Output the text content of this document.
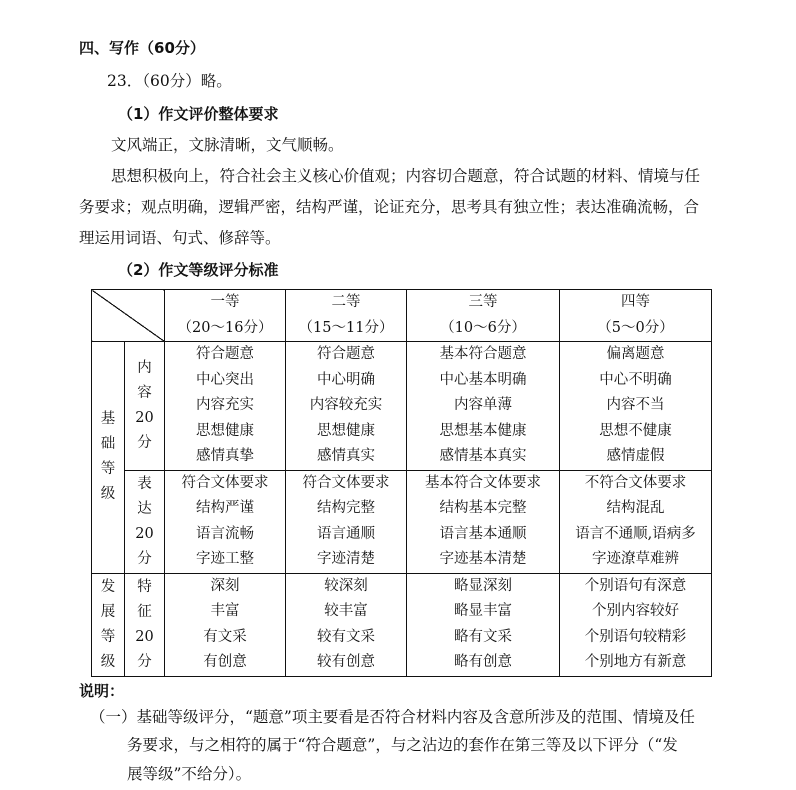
四、写作（60分）
23．（60分）略。
（1）作文评价整体要求
文风端正，文脉清晰，文气顺畅。
思想积极向上，符合社会主义核心价值观；内容切合题意，符合试题的材料、情境与任
务要求；观点明确，逻辑严密，结构严谨，论证充分，思考具有独立性；表达准确流畅，合
理运用词语、句式、修辞等。
（2）作文等级评分标准

		一等
（20～16分）	二等
（15～11分）	三等
（10～6分）	四等
（5～0分）

基
础
等
级	内
容
20
分	符合题意
中心突出
内容充实
思想健康
感情真挚	符合题意
中心明确
内容较充实
思想健康
感情真实	基本符合题意
中心基本明确
内容单薄
思想基本健康
感情基本真实	偏离题意
中心不明确
内容不当
思想不健康
感情虚假

	表
达
20
分	符合文体要求
结构严谨
语言流畅
字迹工整	符合文体要求
结构完整
语言通顺
字迹清楚	基本符合文体要求
结构基本完整
语言基本通顺
字迹基本清楚	不符合文体要求
结构混乱
语言不通顺,语病多
字迹潦草难辨

发
展
等
级	特
征
20
分	深刻
丰富
有文采
有创意	较深刻
较丰富
较有文采
较有创意	略显深刻
略显丰富
略有文采
略有创意	个别语句有深意
个别内容较好
个别语句较精彩
个别地方有新意
说明：
（一）基础等级评分，“题意”项主要看是否符合材料内容及含意所涉及的范围、情境及任
务要求，与之相符的属于“符合题意”，与之沾边的套作在第三等及以下评分（“发
展等级”不给分）。
